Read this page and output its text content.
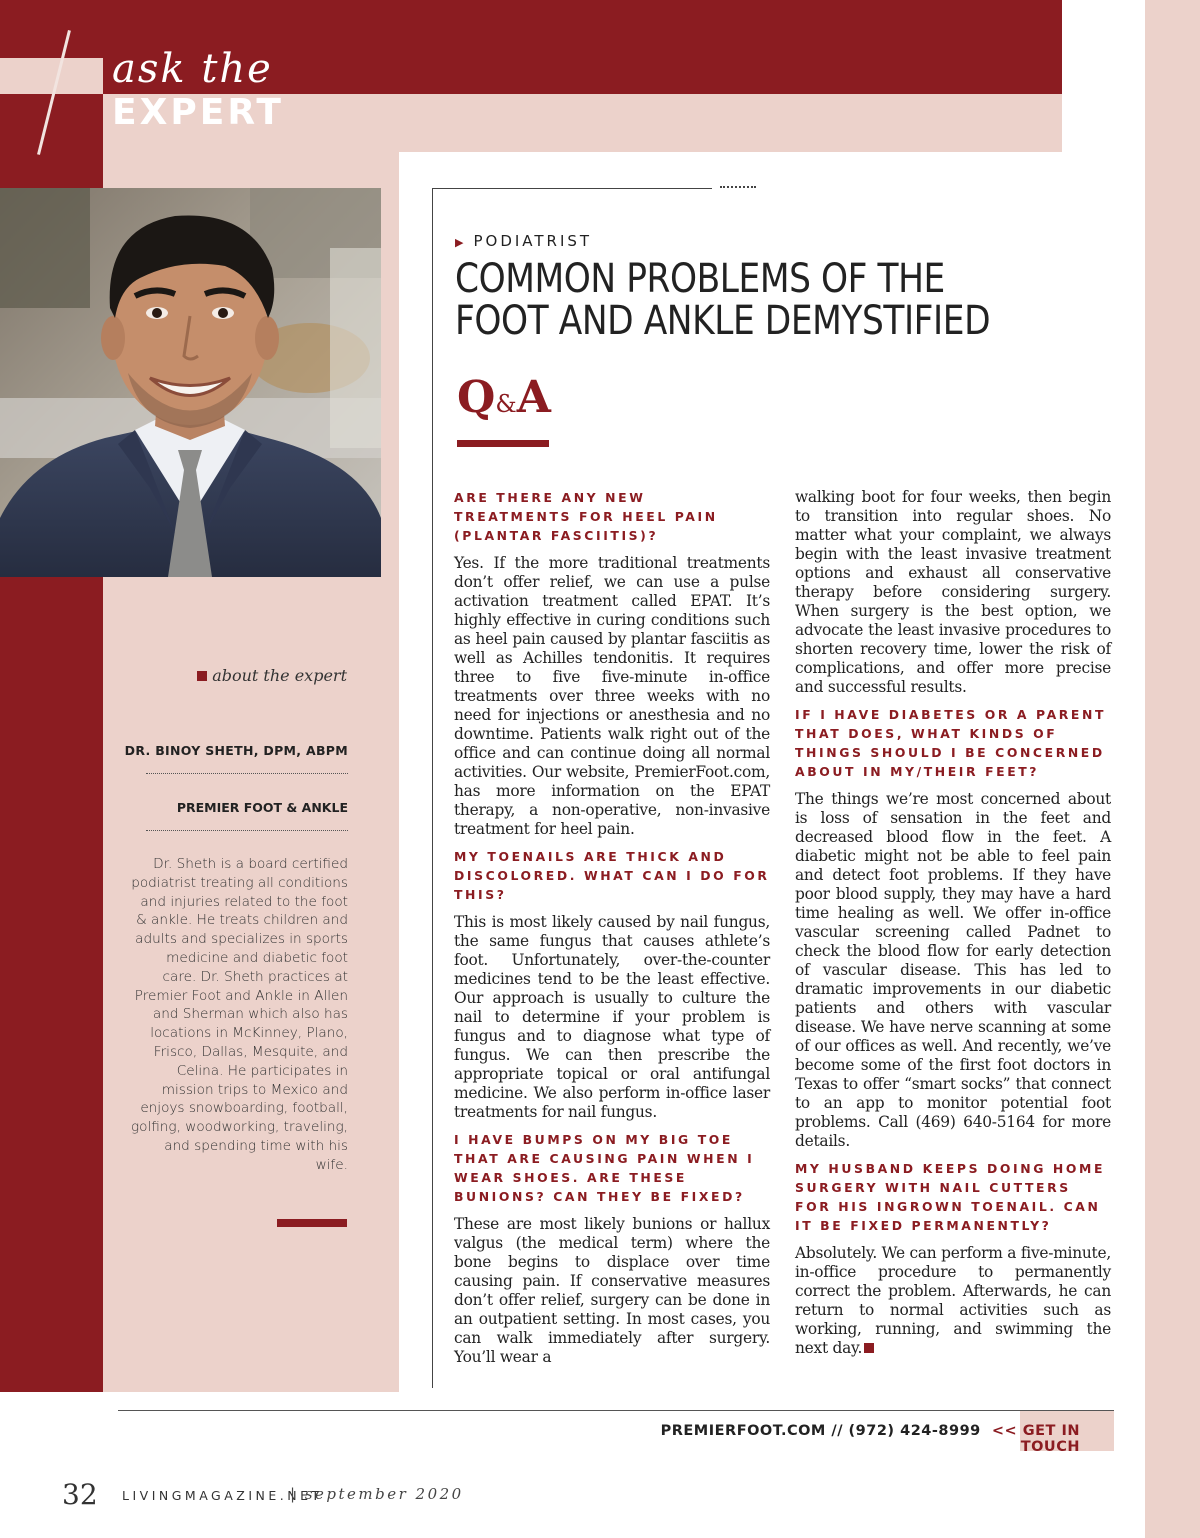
ask the
EXPERT
about the expert
DR. BINOY SHETH, DPM, ABPM
PREMIER FOOT & ANKLE
Dr. Sheth is a board certified podiatrist treating all conditions and injuries related to the foot & ankle. He treats children and adults and specializes in sports medicine and diabetic foot care. Dr. Sheth practices at Premier Foot and Ankle in Allen and Sherman which also has locations in McKinney, Plano, Frisco, Dallas, Mesquite, and Celina. He participates in mission trips to Mexico and enjoys snowboarding, football, golfing, woodworking, traveling, and spending time with his wife.
▶ PODIATRIST
COMMON PROBLEMS OF THE FOOT AND ANKLE DEMYSTIFIED
Q&A

ARE THERE ANY NEW TREATMENTS FOR HEEL PAIN (PLANTAR FASCIITIS)?

Yes. If the more traditional treatments don’t offer relief, we can use a pulse activation treatment called EPAT. It’s highly effective in curing conditions such as heel pain caused by plantar fasciitis as well as Achilles tendonitis. It requires three to five five-minute in-office treatments over three weeks with no need for injections or anesthesia and no downtime. Patients walk right out of the office and can continue doing all normal activities. Our website, PremierFoot.com, has more information on the EPAT therapy, a non-operative, non-invasive treatment for heel pain.

MY TOENAILS ARE THICK AND DISCOLORED. WHAT CAN I DO FOR THIS?

This is most likely caused by nail fungus, the same fungus that causes athlete’s foot. Unfortunately, over-the-counter medicines tend to be the least effective. Our approach is usually to culture the nail to determine if your problem is fungus and to diagnose what type of fungus. We can then prescribe the appropriate topical or oral antifungal medicine. We also perform in-office laser treatments for nail fungus.

I HAVE BUMPS ON MY BIG TOE THAT ARE CAUSING PAIN WHEN I WEAR SHOES. ARE THESE BUNIONS? CAN THEY BE FIXED?

These are most likely bunions or hallux valgus (the medical term) where the bone begins to displace over time causing pain. If conservative measures don’t offer relief, surgery can be done in an outpatient setting. In most cases, you can walk immediately after surgery. You’ll wear a

walking boot for four weeks, then begin to transition into regular shoes. No matter what your complaint, we always begin with the least invasive treatment options and exhaust all conservative therapy before considering surgery. When surgery is the best option, we advocate the least invasive procedures to shorten recovery time, lower the risk of complications, and offer more precise and successful results.

IF I HAVE DIABETES OR A PARENT THAT DOES, WHAT KINDS OF THINGS SHOULD I BE CONCERNED ABOUT IN MY/THEIR FEET?

The things we’re most concerned about is loss of sensation in the feet and decreased blood flow in the feet. A diabetic might not be able to feel pain and detect foot problems. If they have poor blood supply, they may have a hard time healing as well. We offer in-office vascular screening called Padnet to check the blood flow for early detection of vascular disease. This has led to dramatic improvements in our diabetic patients and others with vascular disease. We have nerve scanning at some of our offices as well. And recently, we’ve become some of the first foot doctors in Texas to offer “smart socks” that connect to an app to monitor potential foot problems. Call (469) 640-5164 for more details.

MY HUSBAND KEEPS DOING HOME SURGERY WITH NAIL CUTTERS FOR HIS INGROWN TOENAIL. CAN IT BE FIXED PERMANENTLY?

Absolutely. We can perform a five-minute, in-office procedure to permanently correct the problem. Afterwards, he can return to normal activities such as working, running, and swimming the next day.

PREMIERFOOT.COM // (972) 424-8999 << GET IN TOUCH
32 LIVINGMAGAZINE.NET
| september 2020
